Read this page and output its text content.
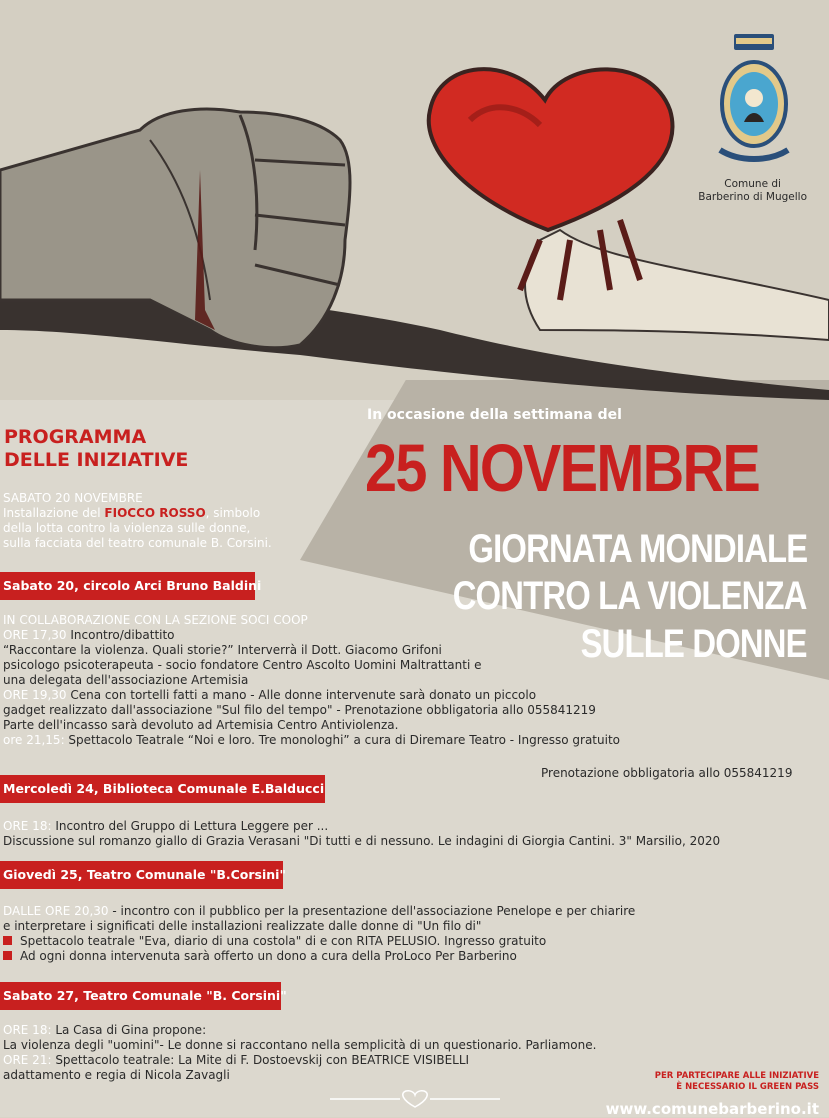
Comune di
Barberino di Mugello
In occasione della settimana del
25 NOVEMBRE
GIORNATA MONDIALE
CONTRO LA VIOLENZA
SULLE DONNE
PROGRAMMA
DELLE INIZIATIVE
SABATO 20 NOVEMBRE
Installazione del FIOCCO ROSSO, simbolo
della lotta contro la violenza sulle donne,
sulla facciata del teatro comunale B. Corsini.
Sabato 20, circolo Arci Bruno Baldini
IN COLLABORAZIONE CON LA SEZIONE SOCI COOP
ORE 17,30 Incontro/dibattito
“Raccontare la violenza. Quali storie?” Interverrà il Dott. Giacomo Grifoni
psicologo psicoterapeuta - socio fondatore Centro Ascolto Uomini Maltrattanti e
una delegata dell'associazione Artemisia
ORE 19,30 Cena con tortelli fatti a mano - Alle donne intervenute sarà donato un piccolo
gadget realizzato dall'associazione "Sul filo del tempo" - Prenotazione obbligatoria allo 055841219
Parte dell'incasso sarà devoluto ad Artemisia Centro Antiviolenza.
ore 21,15: Spettacolo Teatrale “Noi e loro. Tre monologhi” a cura di Diremare Teatro - Ingresso gratuito
Prenotazione obbligatoria allo 055841219
Mercoledì 24, Biblioteca Comunale E.Balducci
ORE 18: Incontro del Gruppo di Lettura Leggere per ...
Discussione sul romanzo giallo di Grazia Verasani "Di tutti e di nessuno. Le indagini di Giorgia Cantini. 3" Marsilio, 2020
Giovedì 25, Teatro Comunale "B.Corsini"
DALLE ORE 20,30 - incontro con il pubblico per la presentazione dell'associazione Penelope e per chiarire
e interpretare i significati delle installazioni realizzate dalle donne di "Un filo di"
Spettacolo teatrale "Eva, diario di una costola" di e con RITA PELUSIO. Ingresso gratuito
Ad ogni donna intervenuta sarà offerto un dono a cura della ProLoco Per Barberino
Sabato 27, Teatro Comunale "B. Corsini"
ORE 18: La Casa di Gina propone:
La violenza degli "uomini"- Le donne si raccontano nella semplicità di un questionario. Parliamone.
ORE 21: Spettacolo teatrale: La Mite di F. Dostoevskij con BEATRICE VISIBELLI
adattamento e regia di Nicola Zavagli	PER PARTECIPARE ALLE INIZIATIVE
È NECESSARIO IL GREEN PASS
www.comunebarberino.it
